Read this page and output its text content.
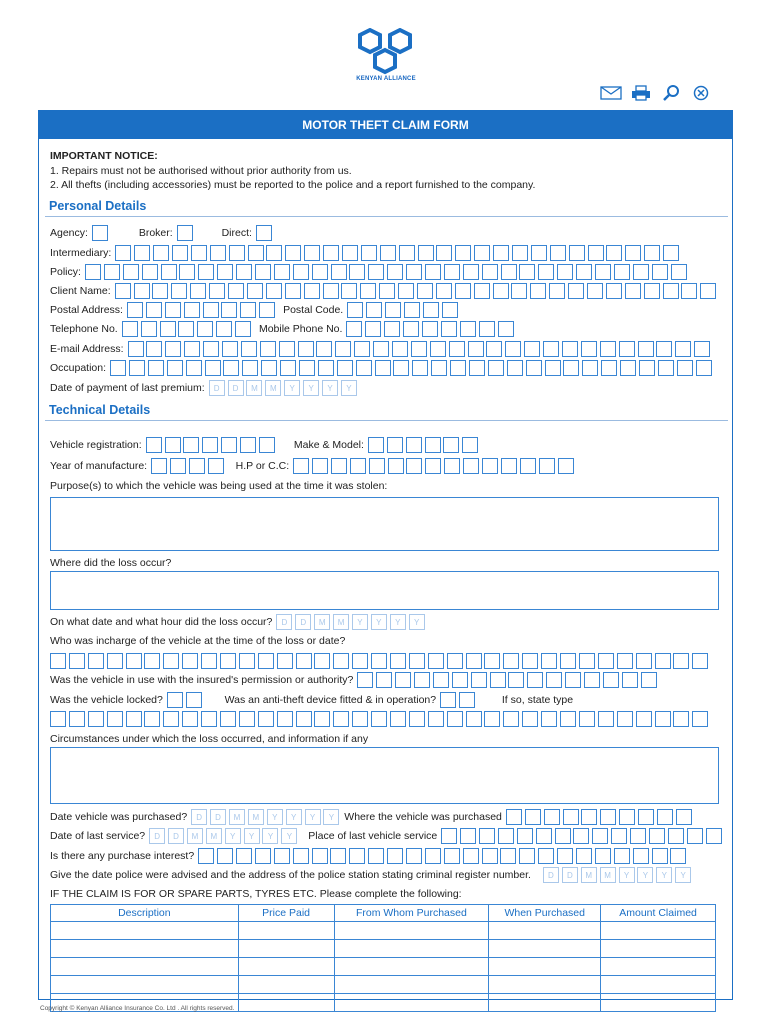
KENYAN ALLIANCE
MOTOR THEFT CLAIM FORM
IMPORTANT NOTICE:
1. Repairs must not be authorised without prior authority from us.
2. All thefts (including accessories) must be reported to the police and a report furnished to the company.
Personal Details
Agency:	Broker:	Direct:
Intermediary:
Policy:
Client Name:
Postal Address:	Postal Code.
Telephone No.	Mobile Phone No.
E-mail Address:
Occupation:
Date of payment of last premium:	D	D	M	M	Y	Y	Y	Y
Technical Details
Vehicle registration:	Make & Model:
Year of manufacture:	H.P or C.C:
Purpose(s) to which the vehicle was being used at the time it was stolen:
Where did the loss occur?
On what date and what hour did the loss occur?	D	D	M	M	Y	Y	Y	Y
Who was incharge of the vehicle at the time of the loss or date?
Was the vehicle in use with the insured's permission or authority?
Was the vehicle locked?	Was an anti-theft device fitted & in operation?	If so, state type
Circumstances under which the loss occurred, and information if any
Date vehicle was purchased?	D	D	M	M	Y	Y	Y	Y Where the vehicle was purchased
Date of last service?	D	D	M	M	Y	Y	Y	Y	Place of last vehicle service
Is there any purchase interest?
Give the date police were advised and the address of the police station stating criminal register number.	D	D	M	M	Y	Y	Y	Y
IF THE CLAIM IS FOR OR SPARE PARTS, TYRES ETC. Please complete the following:
Description	Price Paid	From Whom Purchased	When Purchased	Amount Claimed

Copyright © Kenyan Alliance Insurance Co. Ltd . All rights reserved.
